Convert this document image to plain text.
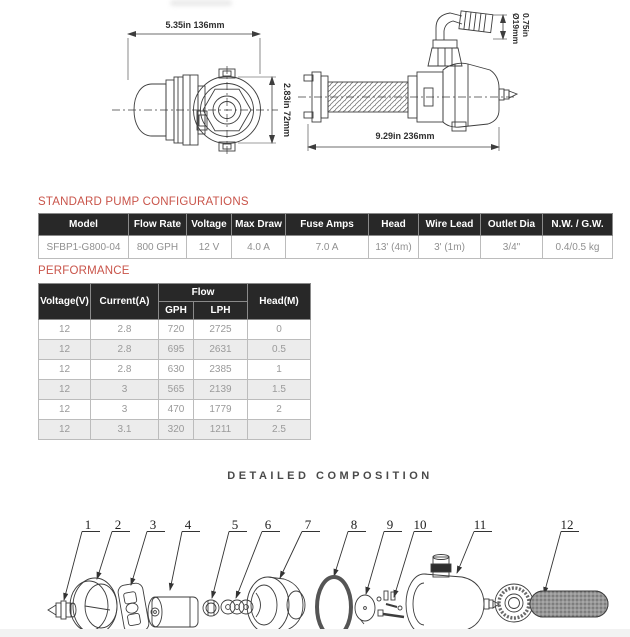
5.35in 136mm
2.83in 72mm
0.75in
Ø19mm
9.29in 236mm
STANDARD PUMP CONFIGURATIONS
Model	Flow Rate	Voltage	Max Draw	Fuse Amps	Head	Wire Lead	Outlet Dia	N.W. / G.W.
SFBP1-G800-04	800 GPH	12 V	4.0 A	7.0 A	13' (4m)	3' (1m)	3/4"	0.4/0.5 kg
PERFORMANCE
Voltage(V)	Current(A)	Flow		Head(M)
		GPH	LPH	
12	2.8	720	2725	0
12	2.8	695	2631	0.5
12	2.8	630	2385	1
12	3	565	2139	1.5
12	3	470	1779	2
12	3.1	320	1211	2.5
DETAILED COMPOSITION
1	2	3	4	5	6	7	8	9	10	11	12
